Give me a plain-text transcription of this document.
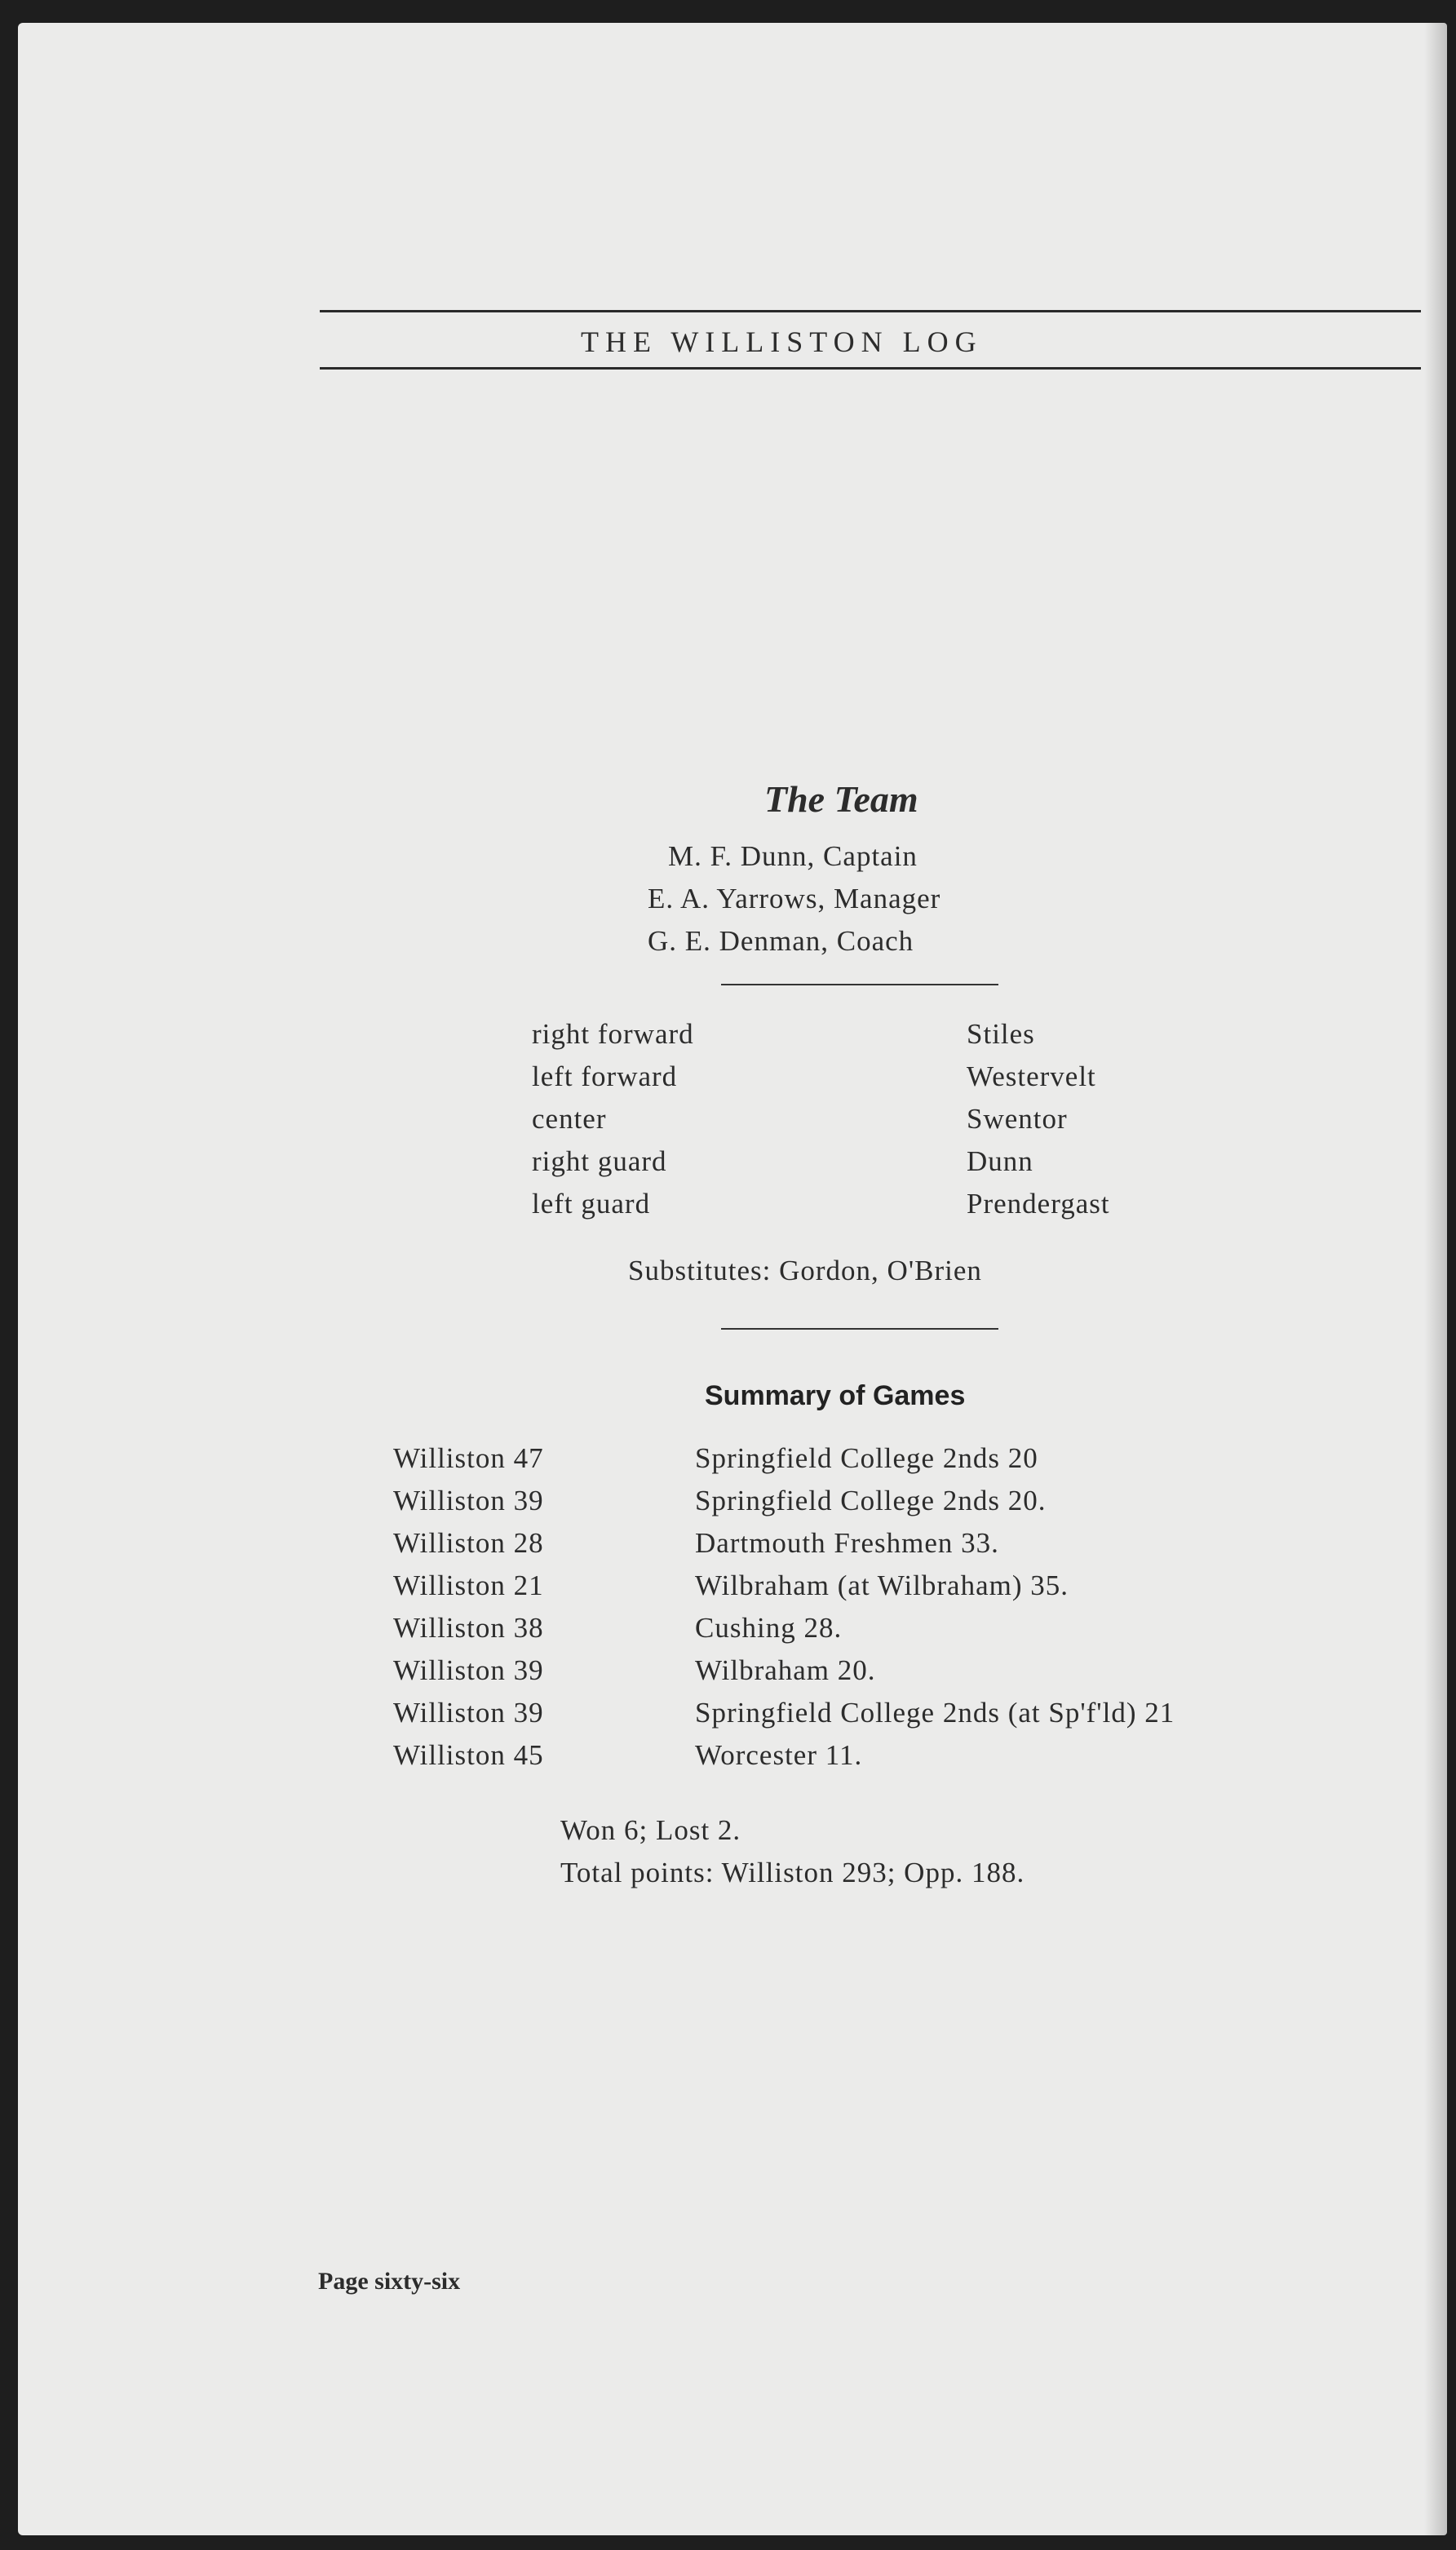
THE WILLISTON LOG
The Team
M. F. Dunn, Captain
E. A. Yarrows, Manager
G. E. Denman, Coach
right forward	Stiles
left forward	Westervelt
center	Swentor
right guard	Dunn
left guard	Prendergast
Substitutes: Gordon, O'Brien
Summary of Games
Williston 47	Springfield College 2nds 20
Williston 39	Springfield College 2nds 20.
Williston 28	Dartmouth Freshmen 33.
Williston 21	Wilbraham (at Wilbraham) 35.
Williston 38	Cushing 28.
Williston 39	Wilbraham 20.
Williston 39	Springfield College 2nds (at Sp'f'ld) 21
Williston 45	Worcester 11.
Won 6; Lost 2.
Total points: Williston 293; Opp. 188.
Page sixty-six
